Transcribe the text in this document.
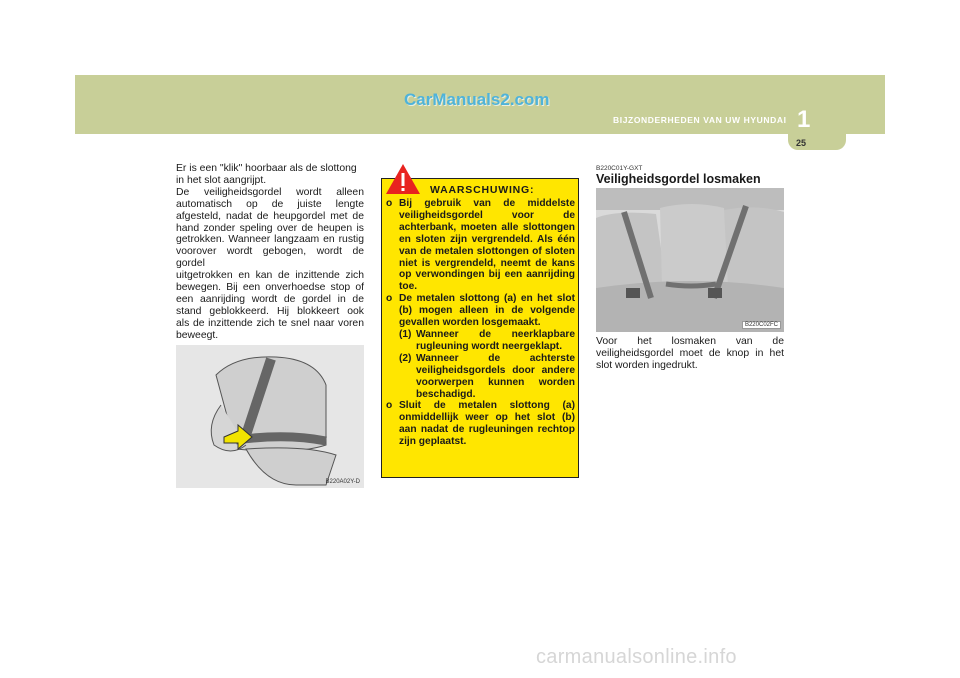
CarManuals2.com
BIJZONDERHEDEN VAN UW HYUNDAI 1
25

Er is een "klik" hoorbaar als de slottong
in het slot aangrijpt.
De veiligheidsgordel wordt alleen
automatisch op de juiste lengte
afgesteld, nadat de heupgordel met de
hand zonder speling over de heupen is
getrokken. Wanneer langzaam en rustig
voorover wordt gebogen, wordt de gordel
uitgetrokken en kan de inzittende zich
bewegen. Bij een onverhoedse stop of
een aanrijding wordt de gordel in de
stand geblokkeerd. Hij blokkeert ook
als de inzittende zich te snel naar voren
beweegt.

B220A02Y-D
WAARSCHUWING:
o Bij gebruik van de middelste veiligheidsgordel voor de achterbank, moeten alle slottongen en sloten zijn vergrendeld. Als één van de metalen slottongen of sloten niet is vergrendeld, neemt de kans op verwondingen bij een aanrijding toe.
o De metalen slottong (a) en het slot (b) mogen alleen in de volgende gevallen worden losgemaakt.
(1) Wanneer de neerklapbare rugleuning wordt neergeklapt.
(2) Wanneer de achterste veiligheidsgordels door andere voorwerpen kunnen worden beschadigd.
o Sluit de metalen slottong (a) onmiddellijk weer op het slot (b) aan nadat de rugleuningen rechtop zijn geplaatst.
B220C01Y-GXT
Veiligheidsgordel losmaken
B220C02FC

Voor het losmaken van de veiligheidsgordel moet de knop in het slot worden ingedrukt.

carmanualsonline.info
